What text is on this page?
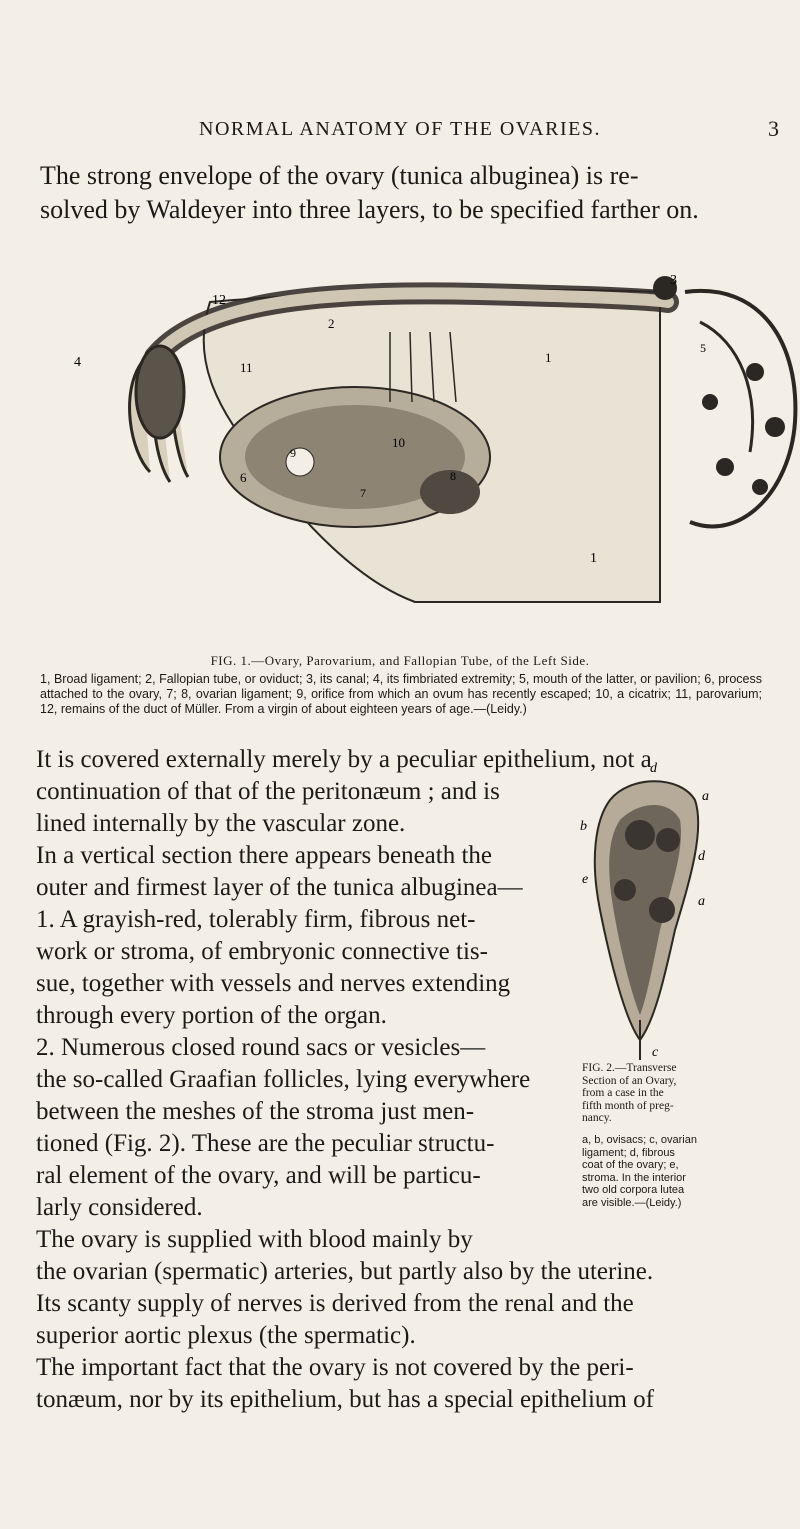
NORMAL ANATOMY OF THE OVARIES.	3
The strong envelope of the ovary (tunica albuginea) is re-
solved by Waldeyer into three layers, to be specified farther on.
12
2
4
3
11
1
10
6
9
8
7
5
1
FIG. 1.—Ovary, Parovarium, and Fallopian Tube, of the Left Side.
1, Broad ligament; 2, Fallopian tube, or oviduct; 3, its canal; 4, its fimbriated extremity; 5, mouth of the latter, or pavilion; 6, process attached to the ovary, 7; 8, ovarian ligament; 9, orifice from which an ovum has recently escaped; 10, a cicatrix; 11, parovarium; 12, remains of the duct of Müller. From a virgin of about eighteen years of age.—(Leidy.)
It is covered externally merely by a peculiar epithelium, not a
continuation of that of the peritonæum ; and is
lined internally by the vascular zone.
In a vertical section there appears beneath the
outer and firmest layer of the tunica albuginea—
1. A grayish-red, tolerably firm, fibrous net-
work or stroma, of embryonic connective tis-
sue, together with vessels and nerves extending
through every portion of the organ.
2. Numerous closed round sacs or vesicles—
the so-called Graafian follicles, lying everywhere
between the meshes of the stroma just men-
tioned (Fig. 2). These are the peculiar structu-
ral element of the ovary, and will be particu-
larly considered.
The ovary is supplied with blood mainly by
the ovarian (spermatic) arteries, but partly also by the uterine.
Its scanty supply of nerves is derived from the renal and the
superior aortic plexus (the spermatic).
The important fact that the ovary is not covered by the peri-
tonæum, nor by its epithelium, but has a special epithelium of
d
a
b
d
a
e
c
FIG. 2.—Transverse
Section of an Ovary,
from a case in the
fifth month of preg-
nancy.
a, b, ovisacs; c, ovarian
ligament; d, fibrous
coat of the ovary; e,
stroma. In the interior
two old corpora lutea
are visible.—(Leidy.)
